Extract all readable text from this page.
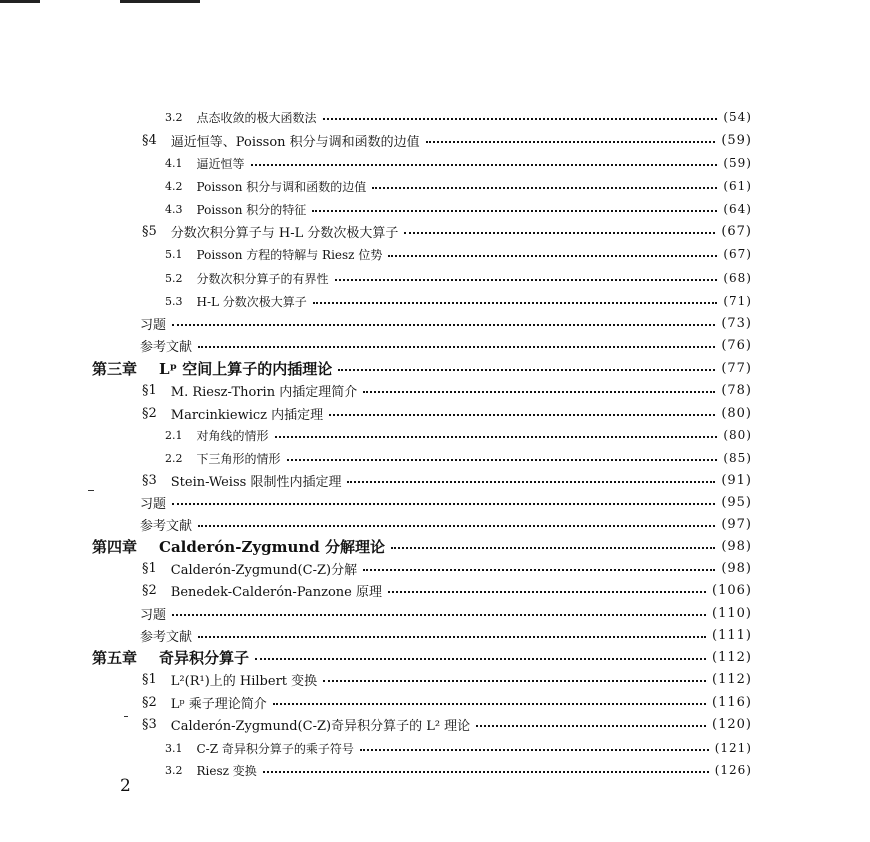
3.2 点态收敛的极大函数法	(54)
§4 逼近恒等、Poisson 积分与调和函数的边值	(59)
4.1 逼近恒等	(59)
4.2 Poisson 积分与调和函数的边值	(61)
4.3 Poisson 积分的特征	(64)
§5 分数次积分算子与 H-L 分数次极大算子	(67)
5.1 Poisson 方程的特解与 Riesz 位势	(67)
5.2 分数次积分算子的有界性	(68)
5.3 H-L 分数次极大算子	(71)
习题	(73)
参考文献	(76)
第三章 Lᵖ 空间上算子的内插理论	(77)
§1 M. Riesz-Thorin 内插定理简介	(78)
§2 Marcinkiewicz 内插定理	(80)
2.1 对角线的情形	(80)
2.2 下三角形的情形	(85)
§3 Stein-Weiss 限制性内插定理	(91)
习题	(95)
参考文献	(97)
第四章 Calderón-Zygmund 分解理论	(98)
§1 Calderón-Zygmund(C-Z)分解	(98)
§2 Benedek-Calderón-Panzone 原理	(106)
习题	(110)
参考文献	(111)
第五章 奇异积分算子	(112)
§1 L²(R¹)上的 Hilbert 变换	(112)
§2 Lᵖ 乘子理论简介	(116)
§3 Calderón-Zygmund(C-Z)奇异积分算子的 L² 理论	(120)
3.1 C-Z 奇异积分算子的乘子符号	(121)
3.2 Riesz 变换	(126)
2
